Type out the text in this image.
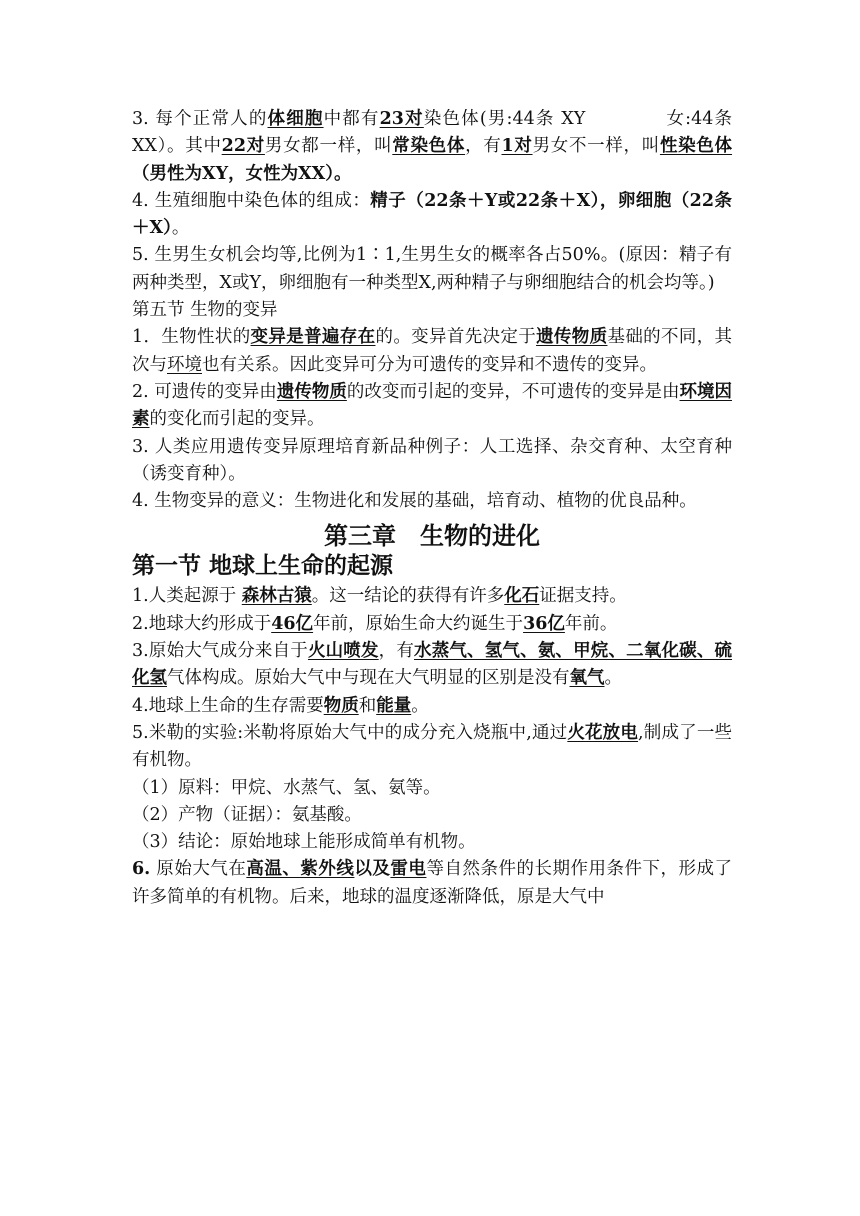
3. 每个正常人的体细胞中都有23对染色体(男:44条 XY	女:44条 XX）。其中22对男女都一样，叫常染色体，有1对男女不一样，叫性染色体（男性为XY，女性为XX）。

4. 生殖细胞中染色体的组成：精子（22条＋Y或22条＋X），卵细胞（22条＋X）。

5. 生男生女机会均等,比例为1∶1,生男生女的概率各占50%。(原因：精子有两种类型，X或Y，卵细胞有一种类型X,两种精子与卵细胞结合的机会均等。)

第五节 生物的变异

1．生物性状的变异是普遍存在的。变异首先决定于遗传物质基础的不同，其次与环境也有关系。因此变异可分为可遗传的变异和不遗传的变异。

2. 可遗传的变异由遗传物质的改变而引起的变异，不可遗传的变异是由环境因素的变化而引起的变异。

3. 人类应用遗传变异原理培育新品种例子：人工选择、杂交育种、太空育种（诱变育种）。

4. 生物变异的意义：生物进化和发展的基础，培育动、植物的优良品种。

第三章　生物的进化
第一节 地球上生命的起源

1.人类起源于 森林古猿。这一结论的获得有许多化石证据支持。

2.地球大约形成于46亿年前，原始生命大约诞生于36亿年前。

3.原始大气成分来自于火山喷发，有水蒸气、氢气、氨、甲烷、二氧化碳、硫化氢气体构成。原始大气中与现在大气明显的区别是没有氧气。

4.地球上生命的生存需要物质和能量。

5.米勒的实验:米勒将原始大气中的成分充入烧瓶中,通过火花放电,制成了一些有机物。

（1）原料：甲烷、水蒸气、氢、氨等。

（2）产物（证据）：氨基酸。

（3）结论：原始地球上能形成简单有机物。

6. 原始大气在高温、紫外线以及雷电等自然条件的长期作用条件下，形成了许多简单的有机物。后来，地球的温度逐渐降低，原是大气中
